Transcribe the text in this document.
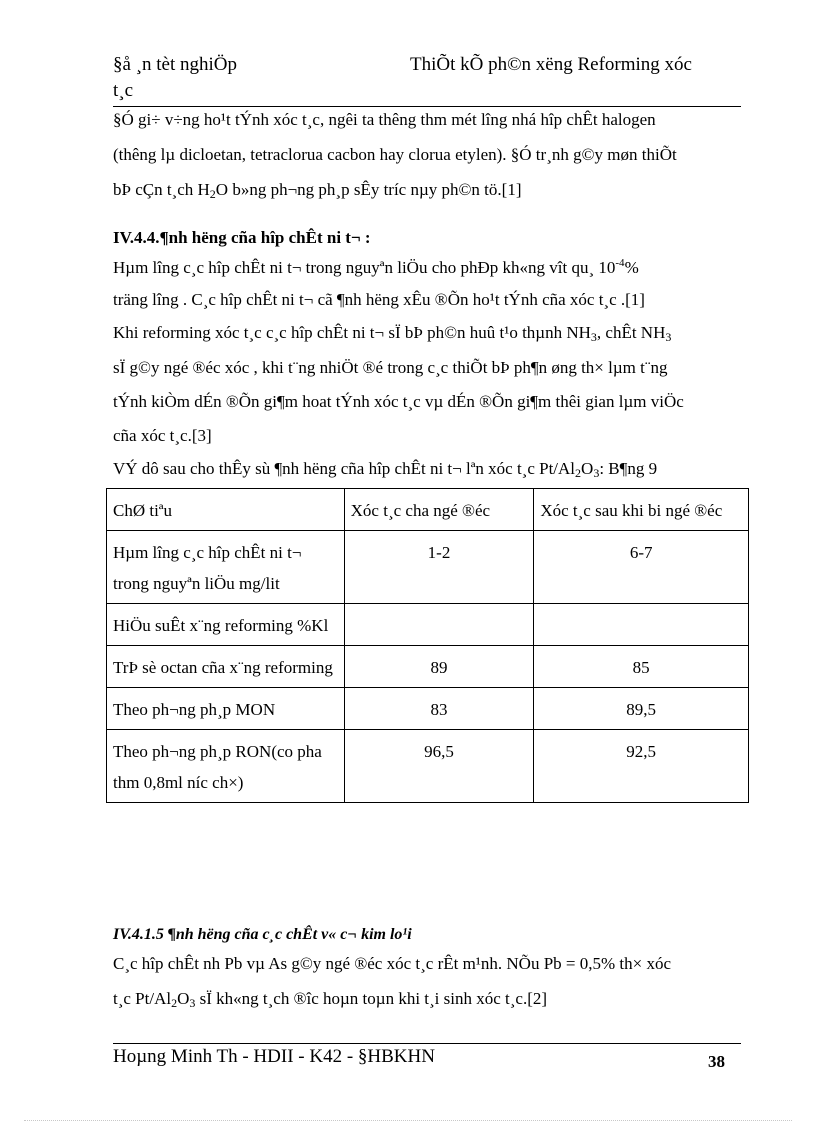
§å ¸n tèt nghiÖp
t¸c
ThiÕt kÕ ph©n xëng Reforming xóc
§Ó gi÷ v÷ng ho¹t tÝnh xóc t¸c, ngêi ta thêng thm mét lîng nhá hîp chÊt halogen
(thêng lµ dicloetan, tetraclorua cacbon hay clorua etylen). §Ó tr¸nh g©y møn thiÕt
bÞ cÇn t¸ch $H_2O$ b»ng ph¬ng ph¸p sÊy tríc nµy ph©n tö.[1]
IV.4.4.¶nh hëng cña hîp chÊt ni t¬ :
Hµm lîng c¸c hîp chÊt ni t¬ trong nguyªn liÖu cho phÐp kh«ng vît qu¸ $10^{-4}\%$
träng lîng . C¸c hîp chÊt ni t¬ cã ¶nh hëng xÊu ®Õn ho¹t tÝnh cña xóc t¸c .[1]
Khi reforming xóc t¸c c¸c hîp chÊt ni t¬ sÏ bÞ ph©n huû t¹o thµnh $NH_3$, chÊt $NH_3$
sÏ g©y ngé ®éc xóc , khi t¨ng nhiÖt ®é trong c¸c thiÕt bÞ ph¶n øng th× lµm t¨ng
tÝnh kiÒm dÉn ®Õn gi¶m hoat tÝnh xóc t¸c vµ dÉn ®Õn gi¶m thêi gian lµm viÖc
cña xóc t¸c.[3]
VÝ dô sau cho thÊy sù ¶nh hëng cña hîp chÊt ni t¬ lªn xóc t¸c $Pt/Al_2O_3$: B¶ng 9
ChØ tiªu	Xóc t¸c cha ngé ®éc	Xóc t¸c sau khi bi ngé ®éc
Hµm lîng c¸c hîp chÊt ni t¬ trong nguyªn liÖu mg/lit	1-2	6-7
HiÖu suÊt x¨ng reforming %Kl		
TrÞ sè octan cña x¨ng reforming	89	85
Theo ph¬ng ph¸p MON	83	89,5
Theo ph¬ng ph¸p RON(co pha thm 0,8ml níc ch×)	96,5	92,5
IV.4.1.5 ¶nh hëng cña c¸c chÊt v« c¬ kim lo¹i
C¸c hîp chÊt nh Pb vµ As g©y ngé ®éc xóc t¸c rÊt m¹nh. NÕu Pb = 0,5% th× xóc
t¸c $Pt/Al_2O_3$ sÏ kh«ng t¸ch ®îc hoµn toµn khi t¸i sinh xóc t¸c.[2]
Hoµng Minh Th - HDII - K42 - §HBKHN	38
